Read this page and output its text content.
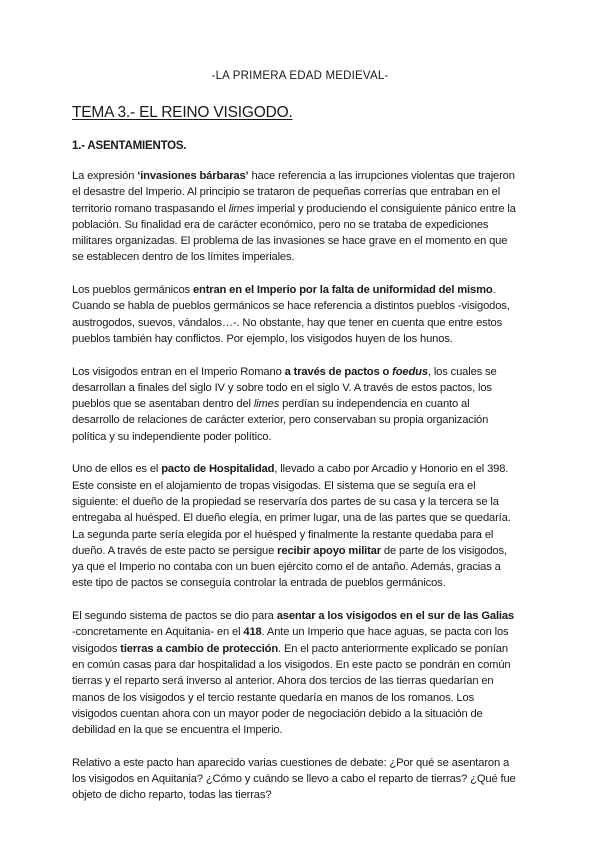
-LA PRIMERA EDAD MEDIEVAL-
TEMA 3.- EL REINO VISIGODO.
1.- ASENTAMIENTOS.

La expresión ‘invasiones bárbaras’ hace referencia a las irrupciones violentas que trajeron
el desastre del Imperio. Al principio se trataron de pequeñas correrías que entraban en el
territorio romano traspasando el limes imperial y produciendo el consiguiente pánico entre la
población. Su finalidad era de carácter económico, pero no se trataba de expediciones
militares organizadas. El problema de las invasiones se hace grave en el momento en que
se establecen dentro de los límites imperiales.

Los pueblos germánicos entran en el Imperio por la falta de uniformidad del mismo.
Cuando se habla de pueblos germánicos se hace referencia a distintos pueblos -visigodos,
austrogodos, suevos, vándalos…-. No obstante, hay que tener en cuenta que entre estos
pueblos también hay conflictos. Por ejemplo, los visigodos huyen de los hunos.

Los visigodos entran en el Imperio Romano a través de pactos o foedus, los cuales se
desarrollan a finales del siglo IV y sobre todo en el siglo V. A través de estos pactos, los
pueblos que se asentaban dentro del limes perdían su independencia en cuanto al
desarrollo de relaciones de carácter exterior, pero conservaban su propia organización
política y su independiente poder político.

Uno de ellos es el pacto de Hospitalidad, llevado a cabo por Arcadio y Honorio en el 398.
Este consiste en el alojamiento de tropas visigodas. El sistema que se seguía era el
siguiente: el dueño de la propiedad se reservaría dos partes de su casa y la tercera se la
entregaba al huésped. El dueño elegía, en primer lugar, una de las partes que se quedaría.
La segunda parte sería elegida por el huésped y finalmente la restante quedaba para el
dueño. A través de este pacto se persigue recibir apoyo militar de parte de los visigodos,
ya que el Imperio no contaba con un buen ejército como el de antaño. Además, gracias a
este tipo de pactos se conseguía controlar la entrada de pueblos germánicos.

El segundo sistema de pactos se dio para asentar a los visigodos en el sur de las Galias
-concretamente en Aquitania- en el 418. Ante un Imperio que hace aguas, se pacta con los
visigodos tierras a cambio de protección. En el pacto anteriormente explicado se ponían
en común casas para dar hospitalidad a los visigodos. En este pacto se pondrán en común
tierras y el reparto será inverso al anterior. Ahora dos tercios de las tierras quedarían en
manos de los visigodos y el tercio restante quedaría en manos de los romanos. Los
visigodos cuentan ahora con un mayor poder de negociación debido a la situación de
debilidad en la que se encuentra el Imperio.

Relativo a este pacto han aparecido varias cuestiones de debate: ¿Por qué se asentaron a
los visigodos en Aquitania? ¿Cómo y cuándo se llevo a cabo el reparto de tierras? ¿Qué fue
objeto de dicho reparto, todas las tierras?
